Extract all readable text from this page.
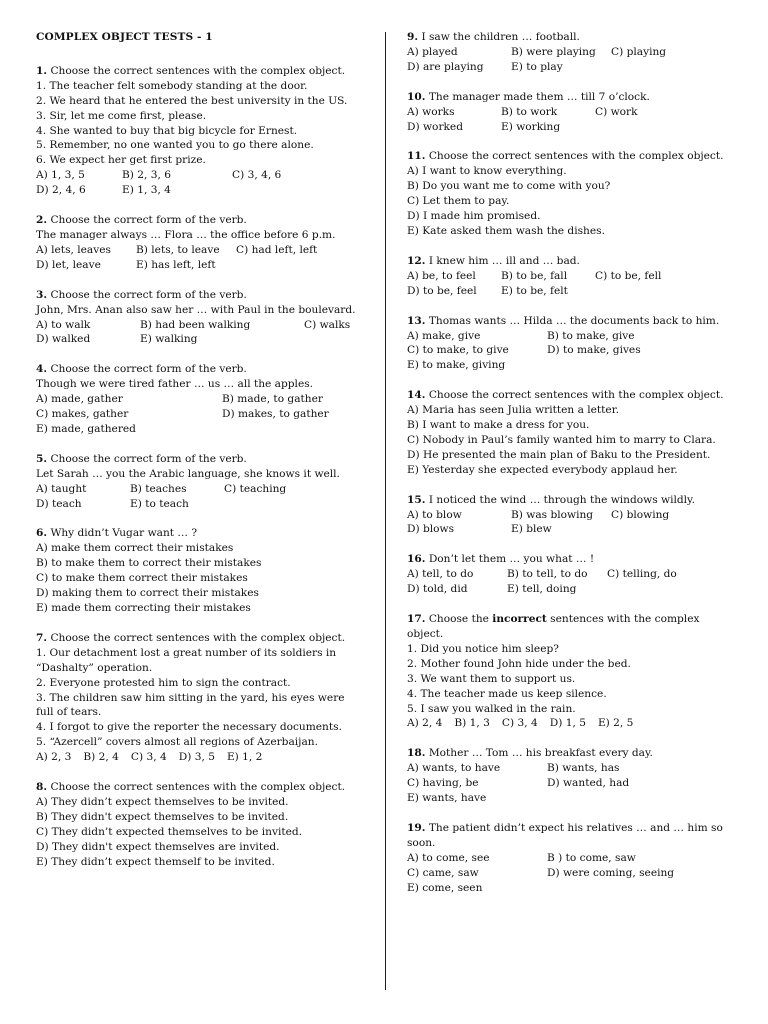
COMPLEX OBJECT TESTS - 1

1. Choose the correct sentences with the complex object.

1. The teacher felt somebody standing at the door.

2. We heard that he entered the best university in the US.

3. Sir, let me come first, please.

4. She wanted to buy that big bicycle for Ernest.

5. Remember, no one wanted you to go there alone.

6. We expect her get first prize.

A) 1, 3, 5	B) 2, 3, 6	C) 3, 4, 6
D) 2, 4, 6	E) 1, 3, 4

2. Choose the correct form of the verb.

The manager always … Flora … the office before 6 p.m.

A) lets, leaves	B) lets, to leave	C) had left, left
D) let, leave	E) has left, left

3. Choose the correct form of the verb.

John, Mrs. Anan also saw her … with Paul in the boulevard.

A) to walk	B) had been walking	C) walks
D) walked	E) walking

4. Choose the correct form of the verb.

Though we were tired father … us … all the apples.

A) made, gather	B) made, to gather
C) makes, gather	D) makes, to gather
E) made, gathered

5. Choose the correct form of the verb.

Let Sarah … you the Arabic language, she knows it well.

A) taught	B) teaches	C) teaching
D) teach	E) to teach

6. Why didn’t Vugar want … ?

A) make them correct their mistakes

B) to make them to correct their mistakes

C) to make them correct their mistakes

D) making them to correct their mistakes

E) made them correcting their mistakes

7. Choose the correct sentences with the complex object.

1. Our detachment lost a great number of its soldiers in “Dashalty” operation.

2. Everyone protested him to sign the contract.

3. The children saw him sitting in the yard, his eyes were full of tears.

4. I forgot to give the reporter the necessary documents.

5. “Azercell” covers almost all regions of Azerbaijan.

A) 2, 3 B) 2, 4 C) 3, 4 D) 3, 5 E) 1, 2

8. Choose the correct sentences with the complex object.

A) They didn’t expect themselves to be invited.

B) They didn't expect themselves to be invited.

C) They didn’t expected themselves to be invited.

D) They didn't expect themselves are invited.

E) They didn’t expect themself to be invited.

9. I saw the children … football.

A) played	B) were playing	C) playing
D) are playing	E) to play

10. The manager made them … till 7 o’clock.

A) works	B) to work	C) work
D) worked	E) working

11. Choose the correct sentences with the complex object.

A) I want to know everything.

B) Do you want me to come with you?

C) Let them to pay.

D) I made him promised.

E) Kate asked them wash the dishes.

12. I knew him … ill and … bad.

A) be, to feel	B) to be, fall	C) to be, fell
D) to be, feel	E) to be, felt

13. Thomas wants … Hilda … the documents back to him.

A) make, give	B) to make, give
C) to make, to give	D) to make, gives
E) to make, giving

14. Choose the correct sentences with the complex object.

A) Maria has seen Julia written a letter.

B) I want to make a dress for you.

C) Nobody in Paul’s family wanted him to marry to Clara.

D) He presented the main plan of Baku to the President.

E) Yesterday she expected everybody applaud her.

15. I noticed the wind … through the windows wildly.

A) to blow	B) was blowing	C) blowing
D) blows	E) blew

16. Don’t let them … you what … !

A) tell, to do	B) to tell, to do	C) telling, do
D) told, did	E) tell, doing

17. Choose the incorrect sentences with the complex object.

1. Did you notice him sleep?

2. Mother found John hide under the bed.

3. We want them to support us.

4. The teacher made us keep silence.

5. I saw you walked in the rain.

A) 2, 4 B) 1, 3 C) 3, 4 D) 1, 5 E) 2, 5

18. Mother … Tom … his breakfast every day.

A) wants, to have	B) wants, has
C) having, be	D) wanted, had
E) wants, have

19. The patient didn’t expect his relatives … and … him so soon.

A) to come, see	B ) to come, saw
C) came, saw	D) were coming, seeing
E) come, seen
